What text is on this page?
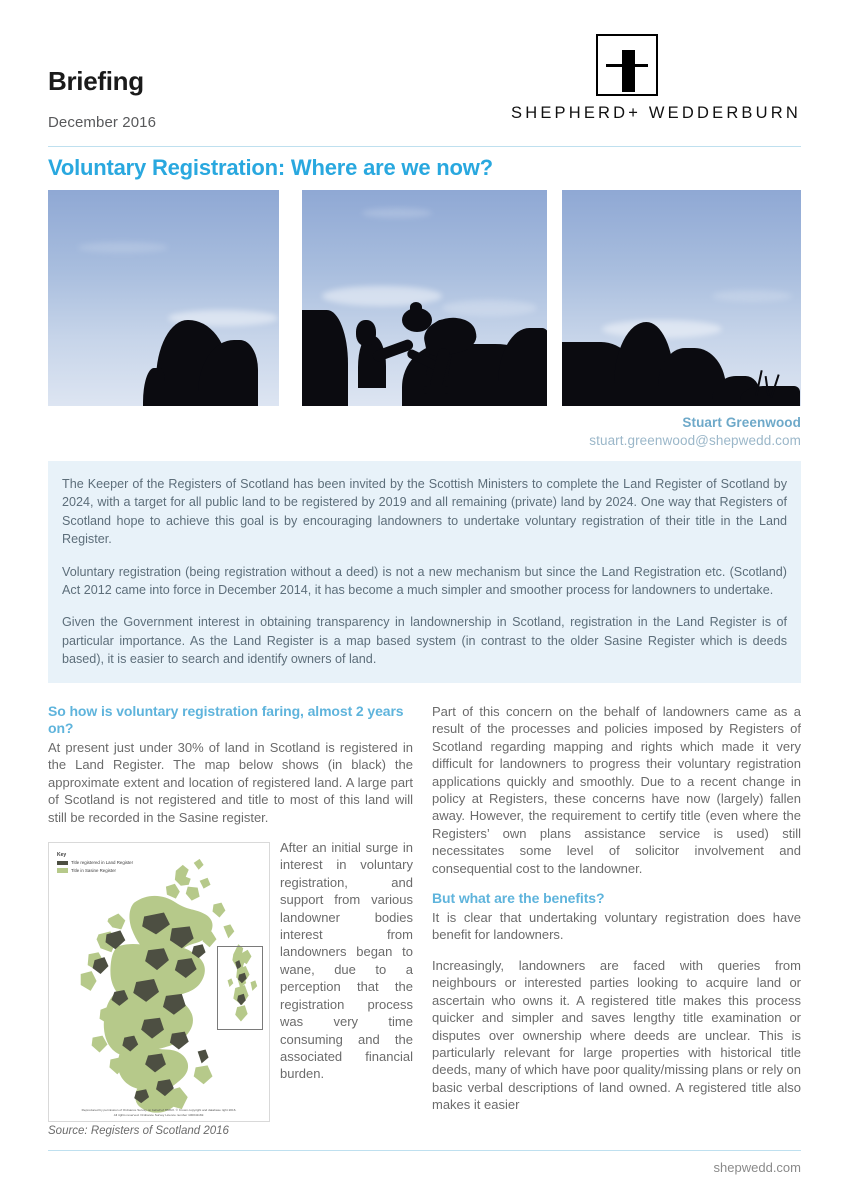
Briefing
December 2016
SHEPHERD+ WEDDERBURN
Voluntary Registration: Where are we now?
Stuart Greenwood
stuart.greenwood@shepwedd.com

The Keeper of the Registers of Scotland has been invited by the Scottish Ministers to complete the Land Register of Scotland by 2024, with a target for all public land to be registered by 2019 and all remaining (private) land by 2024. One way that Registers of Scotland hope to achieve this goal is by encouraging landowners to undertake voluntary registration of their title in the Land Register.

Voluntary registration (being registration without a deed) is not a new mechanism but since the Land Registration etc. (Scotland) Act 2012 came into force in December 2014, it has become a much simpler and smoother process for landowners to undertake.

Given the Government interest in obtaining transparency in landownership in Scotland, registration in the Land Register is of particular importance. As the Land Register is a map based system (in contrast to the older Sasine Register which is deeds based), it is easier to search and identify owners of land.

So how is voluntary registration faring, almost 2 years on?

At present just under 30% of land in Scotland is registered in the Land Register. The map below shows (in black) the approximate extent and location of registered land. A large part of Scotland is not registered and title to most of this land will still be recorded in the Sasine register.

Key
Title registered in Land Register
Title in Sasine Register
Reproduced by permission of Ordnance Survey on behalf of HMSO. © Crown copyright and database right 2016.
All rights reserved. Ordnance Survey Licence number 100041182.

After an initial surge in interest in voluntary registration, and support from various landowner bodies interest from landowners began to wane, due to a perception that the registration process was very time consuming and the associated financial burden.

Source: Registers of Scotland 2016

Part of this concern on the behalf of landowners came as a result of the processes and policies imposed by Registers of Scotland regarding mapping and rights which made it very difficult for landowners to progress their voluntary registration applications quickly and smoothly. Due to a recent change in policy at Registers, these concerns have now (largely) fallen away. However, the requirement to certify title (even where the Registers’ own plans assistance service is used) still necessitates some level of solicitor involvement and consequential cost to the landowner.

But what are the benefits?

It is clear that undertaking voluntary registration does have benefit for landowners.

Increasingly, landowners are faced with queries from neighbours or interested parties looking to acquire land or ascertain who owns it. A registered title makes this process quicker and simpler and saves lengthy title examination or disputes over ownership where deeds are unclear. This is particularly relevant for large properties with historical title deeds, many of which have poor quality/missing plans or rely on basic verbal descriptions of land owned. A registered title also makes it easier

shepwedd.com
